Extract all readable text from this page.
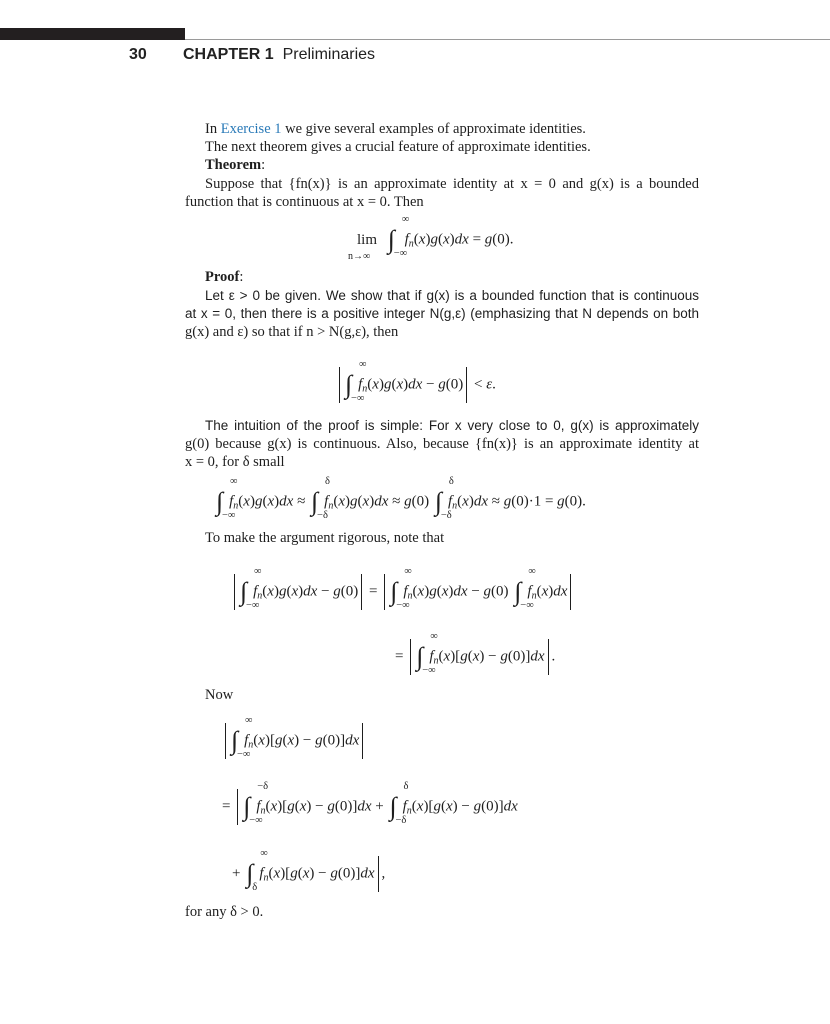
30 CHAPTER 1 Preliminaries
In Exercise 1 we give several examples of approximate identities.
The next theorem gives a crucial feature of approximate identities.
Theorem:
Suppose that {fn(x)} is an approximate identity at x = 0 and g(x) is a bounded
function that is continuous at x = 0. Then
lim
n→∞
∫
∞
−∞
$f_n(x)g(x)dx = g(0)$.
Proof:
Let ε > 0 be given. We show that if g(x) is a bounded function that is continuous
at x = 0, then there is a positive integer N(g,ε) (emphasizing that N depends on both
g(x) and ε) so that if n > N(g,ε), then
∫
∞
−∞
$f_n(x)g(x)dx - g(0) < \varepsilon$.
The intuition of the proof is simple: For x very close to 0, g(x) is approximately
g(0) because g(x) is continuous. Also, because {fn(x)} is an approximate identity at
x = 0, for δ small
∫
∞
−∞
$f_n(x)g(x)dx$ ≈ ∫
δ
−δ
$f_n(x)g(x)dx \approx g(0)$ ∫
δ
−δ
$f_n(x)dx \approx g(0)\cdot 1 = g(0)$.
To make the argument rigorous, note that
∫
∞
−∞
$f_n(x)g(x)dx - g(0)$ = ∫
∞
−∞
$f_n(x)g(x)dx - g(0)$ ∫
∞
−∞
$f_n(x)dx$
= ∫
∞
−∞
$f_n(x)[g(x) - g(0)]dx$ .
Now
∫
∞
−∞
$f_n(x)[g(x) - g(0)]dx$
= ∫
−δ
−∞
$f_n(x)[g(x) - g(0)]dx$ + ∫
δ
−δ
$f_n(x)[g(x) - g(0)]dx$
+ ∫
∞
δ
$f_n(x)[g(x) - g(0)]dx$ ,
for any δ > 0.
